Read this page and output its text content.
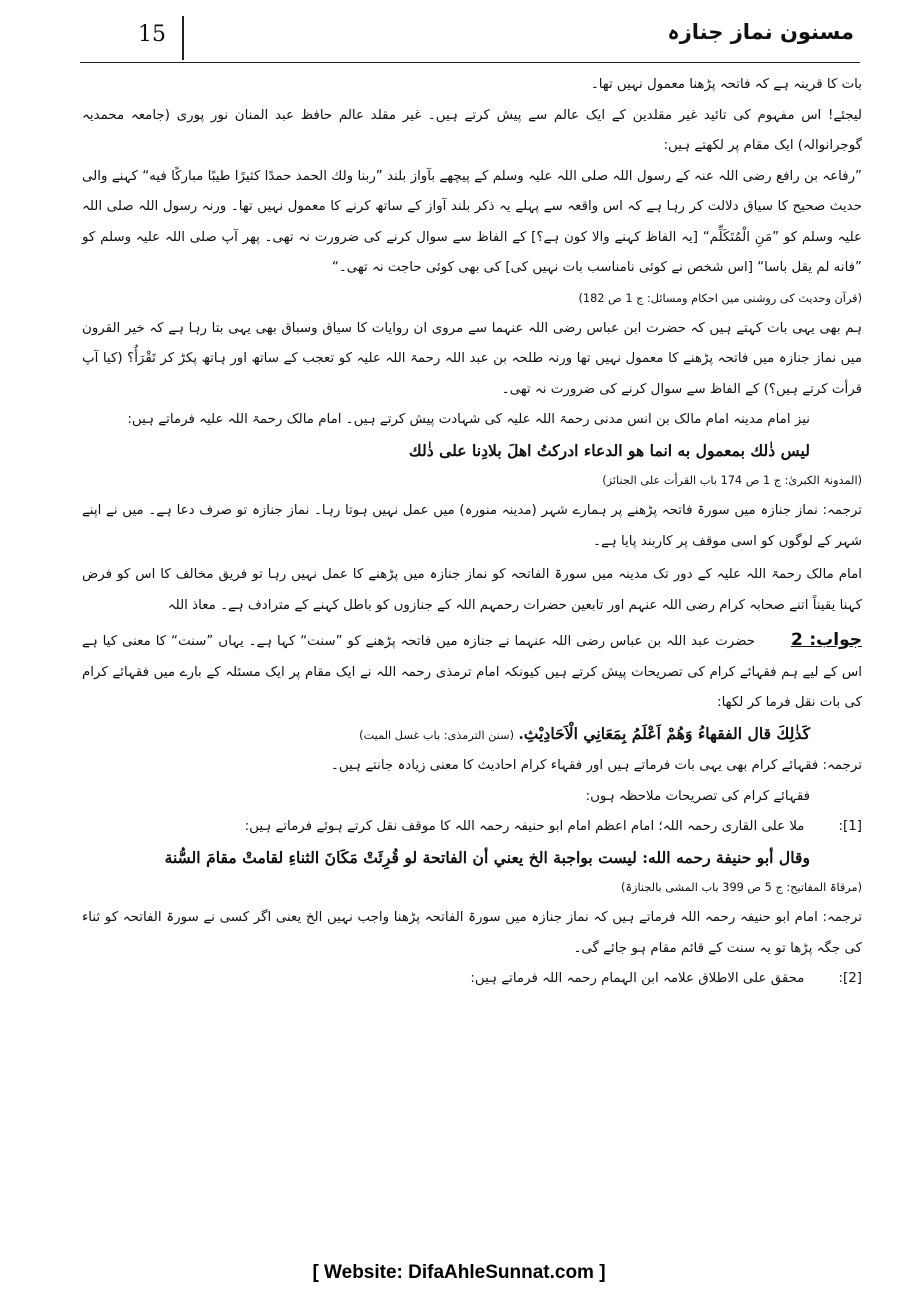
15	مسنون نماز جنازہ

بات کا قرینہ ہے کہ فاتحہ پڑھنا معمول نہیں تھا۔

لیجئے! اس مفہوم کی تائید غیر مقلدین کے ایک عالم سے پیش کرتے ہیں۔ غیر مقلد عالم حافظ عبد المنان نور پوری (جامعہ محمدیہ گوجرانوالہ) ایک مقام پر لکھتے ہیں:

”رفاعہ بن رافع رضی اللہ عنہ کے رسول اللہ صلی اللہ علیہ وسلم کے پیچھے بآواز بلند ”ربنا ولك الحمد حمدًا كثيرًا طيبًا مباركًا فيه“ کہنے والی حدیث صحیح کا سیاق دلالت کر رہا ہے کہ اس واقعہ سے پہلے یہ ذکر بلند آواز کے ساتھ کرنے کا معمول نہیں تھا۔ ورنہ رسول اللہ صلی اللہ علیہ وسلم کو ”مَنِ الْمُتَكَلِّم“ [یہ الفاظ کہنے والا کون ہے؟] کے الفاظ سے سوال کرنے کی ضرورت نہ تھی۔ پھر آپ صلی اللہ علیہ وسلم کو ”فانه لم يقل باسا“ [اس شخص نے کوئی نامناسب بات نہیں کی] کی بھی کوئی حاجت نہ تھی۔“

(قرآن وحدیث کی روشنی میں احکام ومسائل: ج 1 ص 182)

ہم بھی یہی بات کہتے ہیں کہ حضرت ابن عباس رضی اللہ عنہما سے مروی ان روایات کا سیاق وسباق بھی یہی بتا رہا ہے کہ خیر القرون میں نماز جنازہ میں فاتحہ پڑھنے کا معمول نہیں تھا ورنہ طلحہ بن عبد اللہ رحمۃ اللہ علیہ کو تعجب کے ساتھ اور ہاتھ پکڑ کر تَقْرَأُ؟ (کیا آپ قرأت کرتے ہیں؟) کے الفاظ سے سوال کرنے کی ضرورت نہ تھی۔

نیز امام مدینہ امام مالک بن انس مدنی رحمۃ اللہ علیہ کی شہادت پیش کرتے ہیں۔ امام مالک رحمۃ اللہ علیہ فرماتے ہیں:

ليس ذٰلك بمعمول به انما هو الدعاء ادركتُ اهلَ بلادِنا على ذٰلك

(المدونۃ الکبریٰ: ج 1 ص 174 باب القرأت علی الجنائز)

ترجمہ: نماز جنازہ میں سورۃ فاتحہ پڑھنے پر ہمارے شہر (مدینہ منورہ) میں عمل نہیں ہوتا رہا۔ نماز جنازہ تو صرف دعا ہے۔ میں نے اپنے شہر کے لوگوں کو اسی موقف پر کاربند پایا ہے۔

امام مالک رحمۃ اللہ علیہ کے دور تک مدینہ میں سورۃ الفاتحہ کو نماز جنازہ میں پڑھنے کا عمل نہیں رہا تو فریق مخالف کا اس کو فرض کہنا یقیناً اتنے صحابہ کرام رضی اللہ عنہم اور تابعین حضرات رحمہم اللہ کے جنازوں کو باطل کہنے کے مترادف ہے۔ معاذ اللہ

جواب: 2حضرت عبد اللہ بن عباس رضی اللہ عنہما نے جنازہ میں فاتحہ پڑھنے کو ”سنت“ کہا ہے۔ یہاں ”سنت“ کا معنی کیا ہے اس کے لیے ہم فقہائے کرام کی تصریحات پیش کرتے ہیں کیونکہ امام ترمذی رحمہ اللہ نے ایک مقام پر ایک مسئلہ کے بارے میں فقہائے کرام کی بات نقل فرما کر لکھا:

كَذٰلِكَ قال الفقهاءُ وَهُمْ اَعْلَمُ بِمَعَانِي الْاَحَادِيْثِ. (سنن الترمذی: باب غسل المیت)

ترجمہ: فقہائے کرام بھی یہی بات فرماتے ہیں اور فقہاء کرام احادیث کا معنی زیادہ جانتے ہیں۔

فقہائے کرام کی تصریحات ملاحظہ ہوں:

[1]:
ملا علی القاری رحمہ اللہ؛ امام اعظم امام ابو حنیفہ رحمہ اللہ کا موقف نقل کرتے ہوئے فرماتے ہیں:

وقال أبو حنيفة رحمه الله: ليست بواجبة الخ يعني أن الفاتحة لو قُرِئَتْ مَكَانَ الثناءِ لقامتْ مقامَ السُّنة

(مرقاۃ المفاتیح: ج 5 ص 399 باب المشی بالجنازۃ)

ترجمہ: امام ابو حنیفہ رحمہ اللہ فرماتے ہیں کہ نماز جنازہ میں سورۃ الفاتحہ پڑھنا واجب نہیں الخ یعنی اگر کسی نے سورۃ الفاتحہ کو ثناء کی جگہ پڑھا تو یہ سنت کے قائم مقام ہو جائے گی۔

[2]:
محقق علی الاطلاق علامہ ابن الہمام رحمہ اللہ فرماتے ہیں:
[ Website: DifaAhleSunnat.com ]
